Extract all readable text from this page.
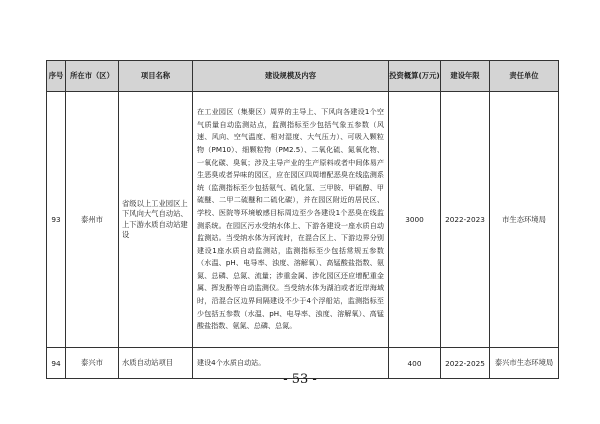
序号	所在市（区）	项目名称	建设规模及内容	投资概算(万元)	建设年限	责任单位
93	泰州市	省级以上工业园区上下风向大气自动站、上下游水质自动站建设	在工业园区（集聚区）周界的主导上、下风向各建设1个空气质量自动监测站点，监测指标至少包括气象五参数（风速、风向、空气温度、相对湿度、大气压力）、可吸入颗粒物（PM10）、细颗粒物（PM2.5）、二氧化硫、氮氧化物、一氧化碳、臭氧；涉及主导产业的生产原料或者中间体易产生恶臭或者异味的园区，应在园区四周增配恶臭在线监测系统（监测指标至少包括氨气、硫化氢、三甲胺、甲硫醇、甲硫醚、二甲二硫醚和二硫化碳），并在园区附近的居民区、学校、医院等环境敏感目标周边至少各建设1个恶臭在线监测系统。在园区污水受纳水体上、下游各建设一座水质自动监测站。当受纳水体为河流时，在混合区上、下游边界分别建设1座水质自动监测站，监测指标至少包括常规五参数（水温、pH、电导率、浊度、溶解氧）、高锰酸盐指数、氨氮、总磷、总氮、流量；涉重金属、涉化园区还应增配重金属、挥发酚等自动监测仪。当受纳水体为湖泊或者近岸海域时，沿混合区边界间隔建设不少于4个浮船站，监测指标至少包括五参数（水温、pH、电导率、浊度、溶解氧）、高锰酸盐指数、氨氮、总磷、总氮。	3000	2022-2023	市生态环境局
94	泰兴市	水质自动站项目	建设4个水质自动站。	400	2022-2025	泰兴市生态环境局
- 53 -
